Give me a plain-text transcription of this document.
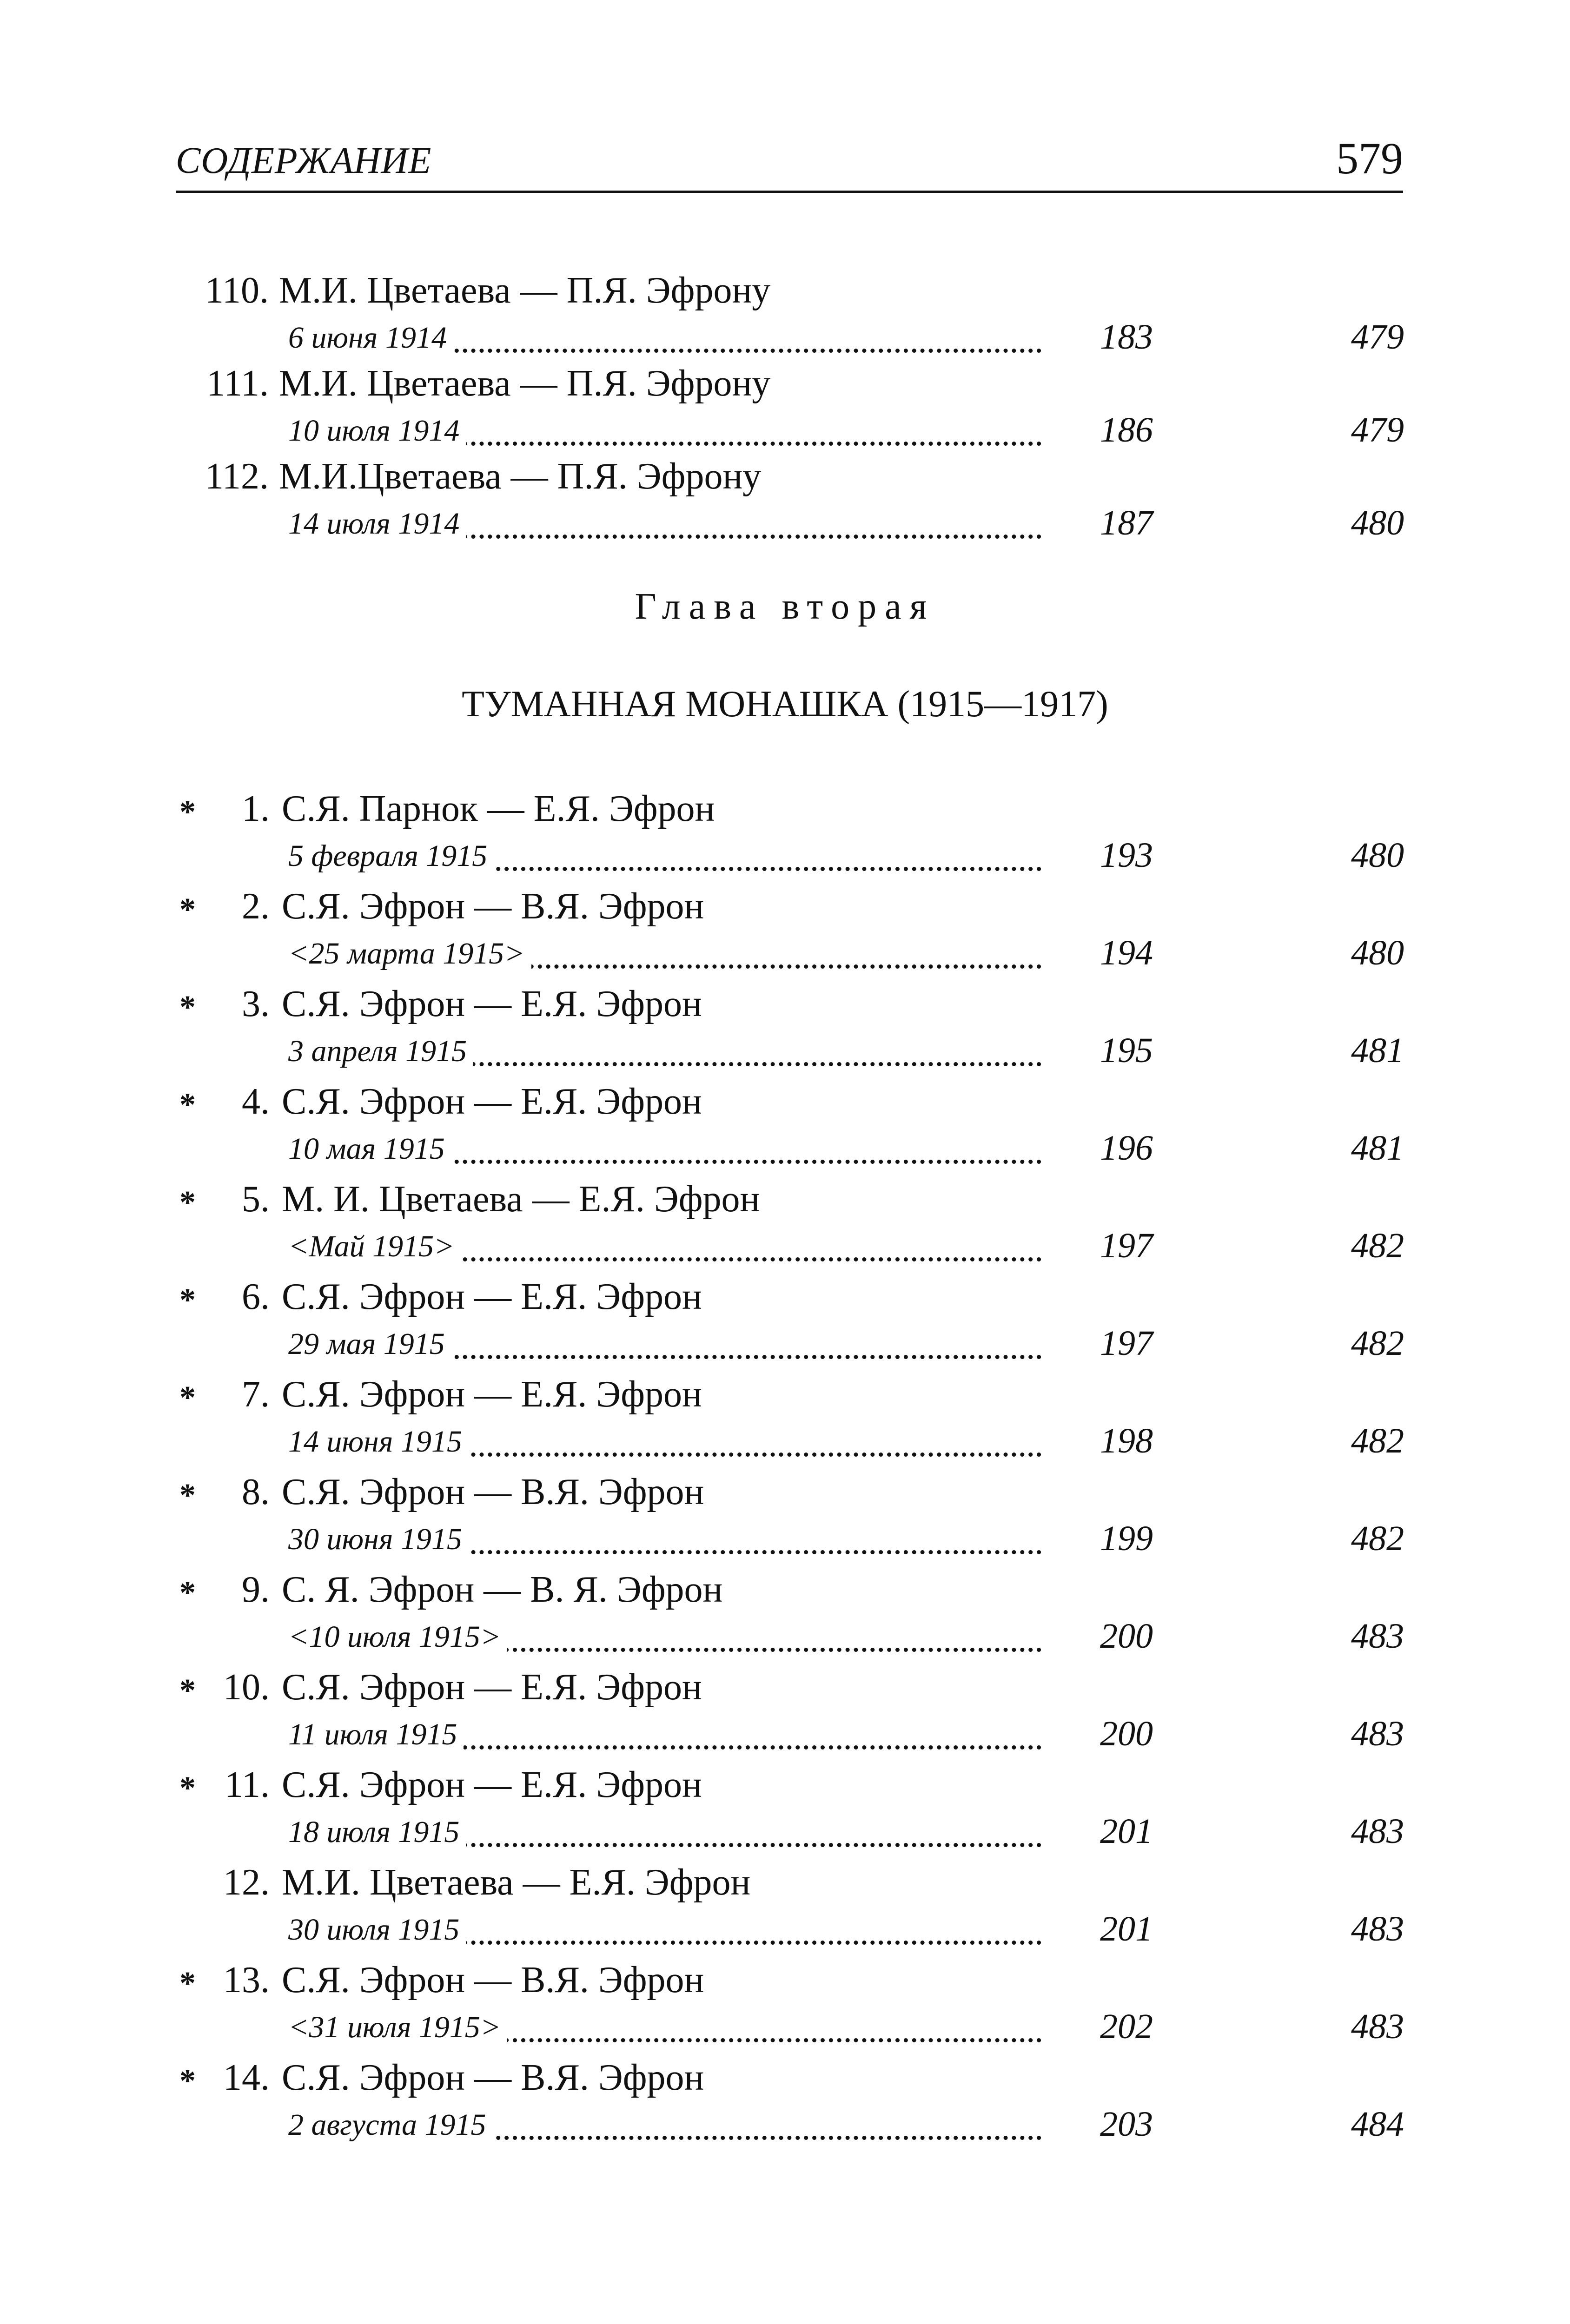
СОДЕРЖАНИЕ	579
Глава вторая
ТУМАННАЯ МОНАШКА (1915—1917)
110. М.И. Цветаева — П.Я. Эфрону
6 июня 1914	183	479
111. М.И. Цветаева — П.Я. Эфрону
10 июля 1914	186	479
112. М.И.Цветаева — П.Я. Эфрону
14 июля 1914	187	480
*	1. С.Я. Парнок — Е.Я. Эфрон
5 февраля 1915	193	480
*	2. С.Я. Эфрон — В.Я. Эфрон
<25 марта 1915>	194	480
*	3. С.Я. Эфрон — Е.Я. Эфрон
3 апреля 1915	195	481
*	4. С.Я. Эфрон — Е.Я. Эфрон
10 мая 1915	196	481
*	5. М. И. Цветаева — Е.Я. Эфрон
<Май 1915>	197	482
*	6. С.Я. Эфрон — Е.Я. Эфрон
29 мая 1915	197	482
*	7. С.Я. Эфрон — Е.Я. Эфрон
14 июня 1915	198	482
*	8. С.Я. Эфрон — В.Я. Эфрон
30 июня 1915	199	482
*	9. С. Я. Эфрон — В. Я. Эфрон
<10 июля 1915>	200	483
* 10. С.Я. Эфрон — Е.Я. Эфрон
11 июля 1915	200	483
* 11. С.Я. Эфрон — Е.Я. Эфрон
18 июля 1915	201	483
12. М.И. Цветаева — Е.Я. Эфрон
30 июля 1915	201	483
* 13. С.Я. Эфрон — В.Я. Эфрон
<31 июля 1915>	202	483
* 14. С.Я. Эфрон — В.Я. Эфрон
2 августа 1915	203	484
